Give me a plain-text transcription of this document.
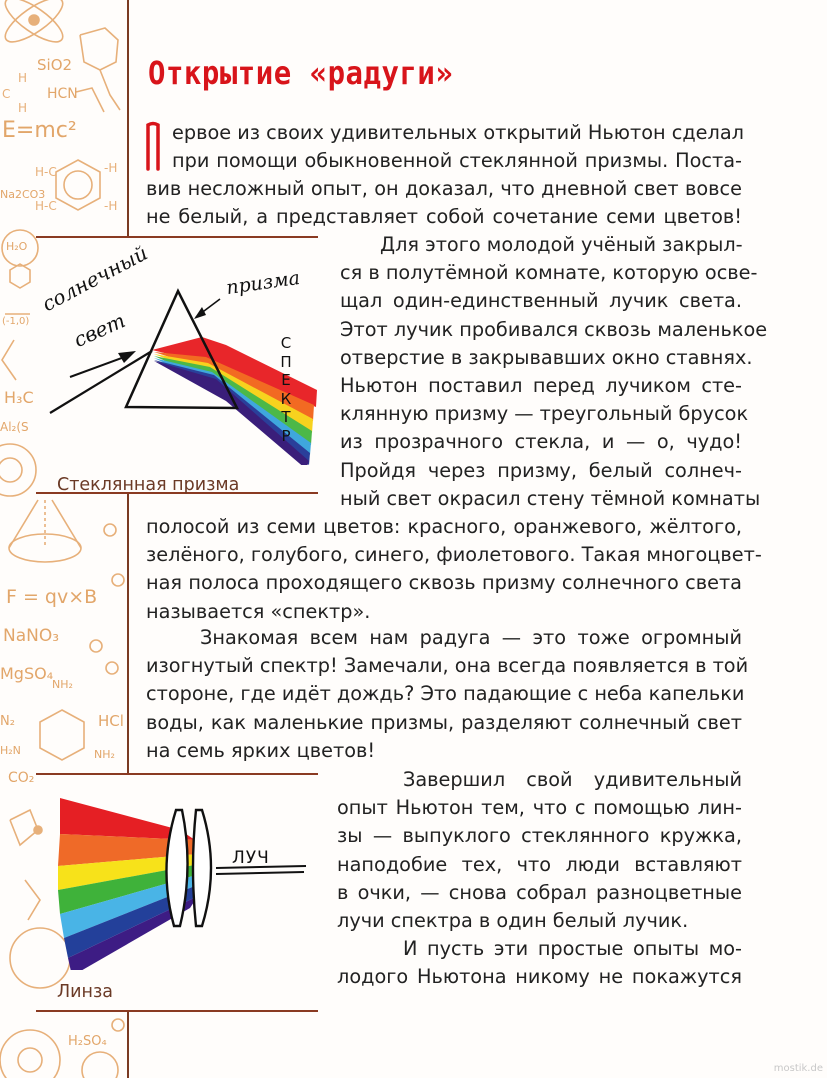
H
C
H
H-C	-H
H-C	-H
SiO2
HCN
E=mc²
Na2CO3
H₂O
(-1,0)
H₃C
Al₂(S
F = qv×B
NaNO₃
MgSO₄
NH₂
HCl
N₂
H₂N	NH₂
CO₂
H₂SO₄
Открытие «радуги»
ервое из своих удивительных открытий Ньютон сделал
при помощи обыкновенной стеклянной призмы. Поста-
вив несложный опыт, он доказал, что дневной свет вовсе
не белый, а представляет собой сочетание семи цветов!
солнечный
свет
призма
С
П
Е
К
Т
Р
Стеклянная призма
Для этого молодой учёный закрыл-
ся в полутёмной комнате, которую осве-
щал один-единственный лучик света.
Этот лучик пробивался сквозь маленькое
отверстие в закрывавших окно ставнях.
Ньютон поставил перед лучиком сте-
клянную призму — треугольный брусок
из прозрачного стекла, и — о, чудо!
Пройдя через призму, белый солнеч-
ный свет окрасил стену тёмной комнаты
полосой из семи цветов: красного, оранжевого, жёлтого,
зелёного, голубого, синего, фиолетового. Такая многоцвет-
ная полоса проходящего сквозь призму солнечного света
называется «спектр».
Знакомая всем нам радуга — это тоже огромный
изогнутый спектр! Замечали, она всегда появляется в той
стороне, где идёт дождь? Это падающие с неба капельки
воды, как маленькие призмы, разделяют солнечный свет
на семь ярких цветов!
ЛУЧ
Линза
Завершил свой удивительный
опыт Ньютон тем, что с помощью лин-
зы — выпуклого стеклянного кружка,
наподобие тех, что люди вставляют
в очки, — снова собрал разноцветные
лучи спектра в один белый лучик.
И пусть эти простые опыты мо-
лодого Ньютона никому не покажутся
mostik.de
